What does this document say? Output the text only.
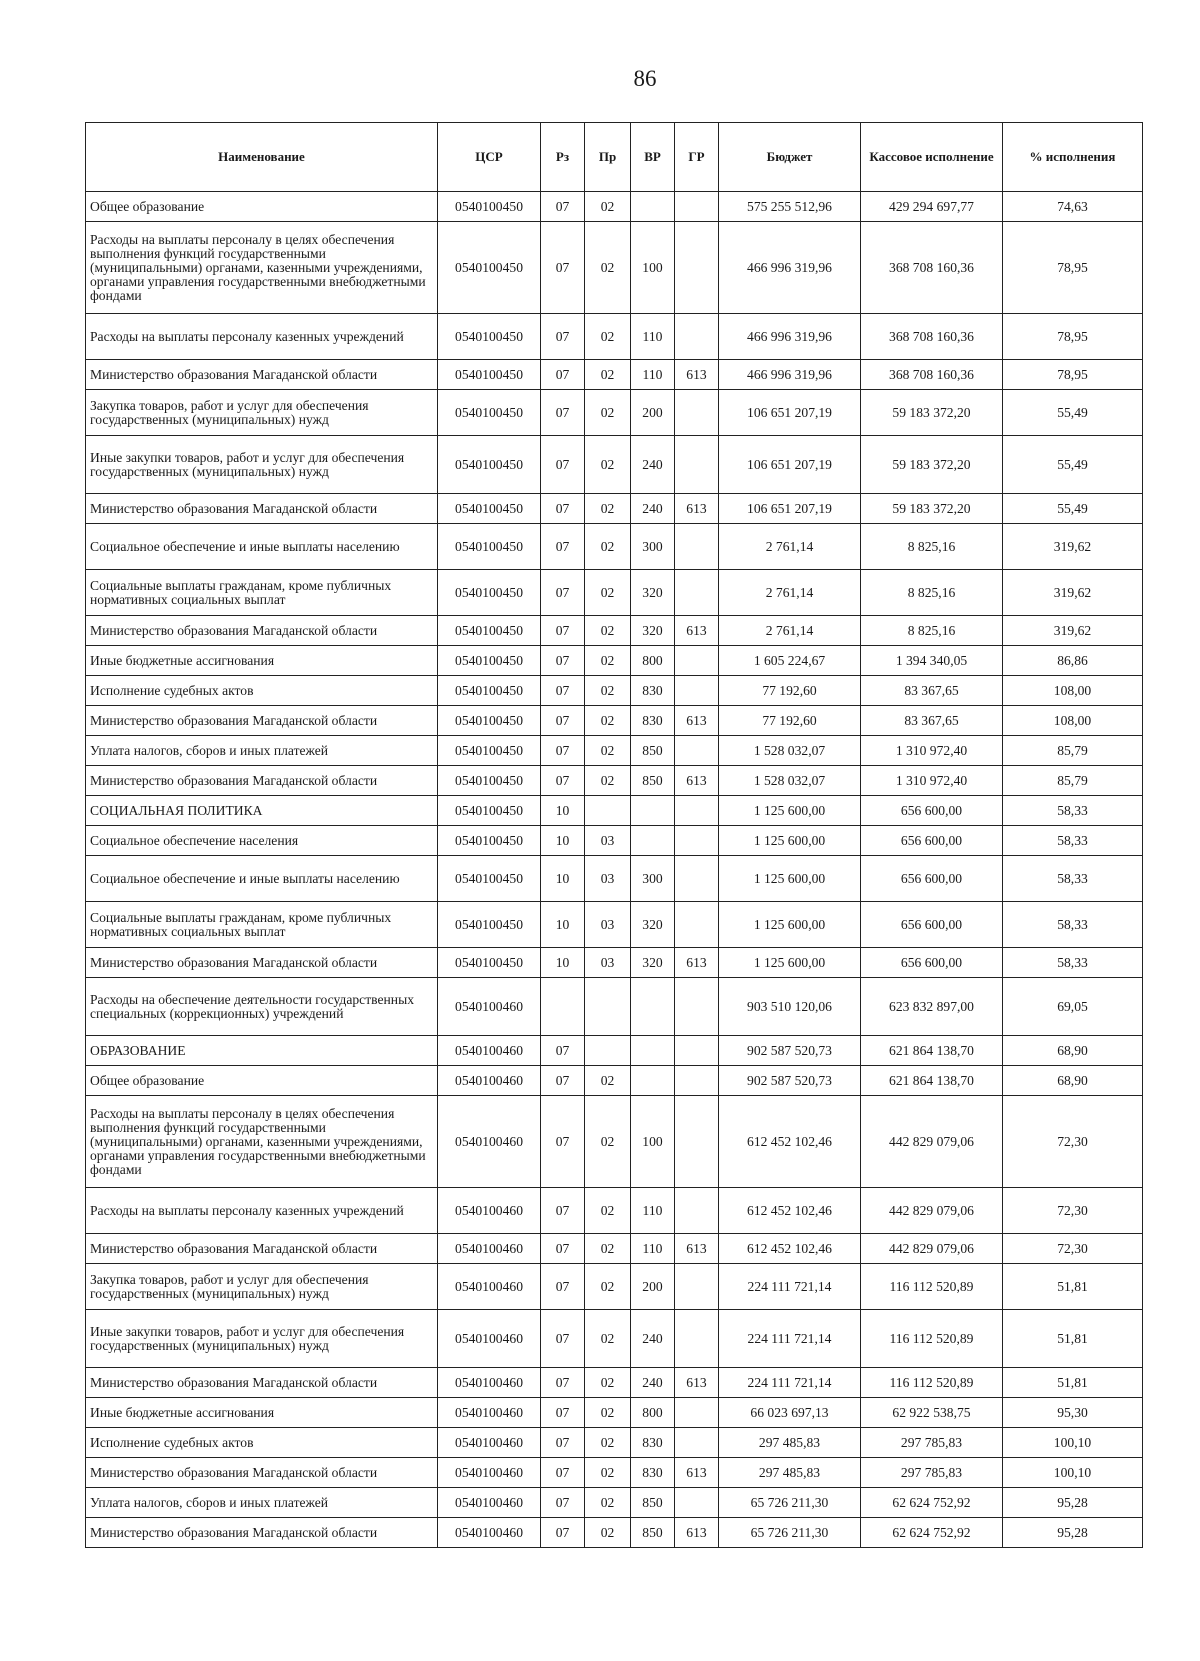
86
Наименование	ЦСР	Рз	Пр	ВР	ГР	Бюджет	Кассовое исполнение	% исполнения
Общее образование	0540100450	07	02			575 255 512,96	429 294 697,77	74,63
Расходы на выплаты персоналу в целях обеспечения выполнения функций государственными (муниципальными) органами, казенными учреждениями, органами управления государственными внебюджетными фондами	0540100450	07	02	100		466 996 319,96	368 708 160,36	78,95
Расходы на выплаты персоналу казенных учреждений	0540100450	07	02	110		466 996 319,96	368 708 160,36	78,95
Министерство образования Магаданской области	0540100450	07	02	110	613	466 996 319,96	368 708 160,36	78,95
Закупка товаров, работ и услуг для обеспечения государственных (муниципальных) нужд	0540100450	07	02	200		106 651 207,19	59 183 372,20	55,49
Иные закупки товаров, работ и услуг для обеспечения государственных (муниципальных) нужд	0540100450	07	02	240		106 651 207,19	59 183 372,20	55,49
Министерство образования Магаданской области	0540100450	07	02	240	613	106 651 207,19	59 183 372,20	55,49
Социальное обеспечение и иные выплаты населению	0540100450	07	02	300		2 761,14	8 825,16	319,62
Социальные выплаты гражданам, кроме публичных нормативных социальных выплат	0540100450	07	02	320		2 761,14	8 825,16	319,62
Министерство образования Магаданской области	0540100450	07	02	320	613	2 761,14	8 825,16	319,62
Иные бюджетные ассигнования	0540100450	07	02	800		1 605 224,67	1 394 340,05	86,86
Исполнение судебных актов	0540100450	07	02	830		77 192,60	83 367,65	108,00
Министерство образования Магаданской области	0540100450	07	02	830	613	77 192,60	83 367,65	108,00
Уплата налогов, сборов и иных платежей	0540100450	07	02	850		1 528 032,07	1 310 972,40	85,79
Министерство образования Магаданской области	0540100450	07	02	850	613	1 528 032,07	1 310 972,40	85,79
СОЦИАЛЬНАЯ ПОЛИТИКА	0540100450	10				1 125 600,00	656 600,00	58,33
Социальное обеспечение населения	0540100450	10	03			1 125 600,00	656 600,00	58,33
Социальное обеспечение и иные выплаты населению	0540100450	10	03	300		1 125 600,00	656 600,00	58,33
Социальные выплаты гражданам, кроме публичных нормативных социальных выплат	0540100450	10	03	320		1 125 600,00	656 600,00	58,33
Министерство образования Магаданской области	0540100450	10	03	320	613	1 125 600,00	656 600,00	58,33
Расходы на обеспечение деятельности государственных специальных (коррекционных) учреждений	0540100460					903 510 120,06	623 832 897,00	69,05
ОБРАЗОВАНИЕ	0540100460	07				902 587 520,73	621 864 138,70	68,90
Общее образование	0540100460	07	02			902 587 520,73	621 864 138,70	68,90
Расходы на выплаты персоналу в целях обеспечения выполнения функций государственными (муниципальными) органами, казенными учреждениями, органами управления государственными внебюджетными фондами	0540100460	07	02	100		612 452 102,46	442 829 079,06	72,30
Расходы на выплаты персоналу казенных учреждений	0540100460	07	02	110		612 452 102,46	442 829 079,06	72,30
Министерство образования Магаданской области	0540100460	07	02	110	613	612 452 102,46	442 829 079,06	72,30
Закупка товаров, работ и услуг для обеспечения государственных (муниципальных) нужд	0540100460	07	02	200		224 111 721,14	116 112 520,89	51,81
Иные закупки товаров, работ и услуг для обеспечения государственных (муниципальных) нужд	0540100460	07	02	240		224 111 721,14	116 112 520,89	51,81
Министерство образования Магаданской области	0540100460	07	02	240	613	224 111 721,14	116 112 520,89	51,81
Иные бюджетные ассигнования	0540100460	07	02	800		66 023 697,13	62 922 538,75	95,30
Исполнение судебных актов	0540100460	07	02	830		297 485,83	297 785,83	100,10
Министерство образования Магаданской области	0540100460	07	02	830	613	297 485,83	297 785,83	100,10
Уплата налогов, сборов и иных платежей	0540100460	07	02	850		65 726 211,30	62 624 752,92	95,28
Министерство образования Магаданской области	0540100460	07	02	850	613	65 726 211,30	62 624 752,92	95,28
